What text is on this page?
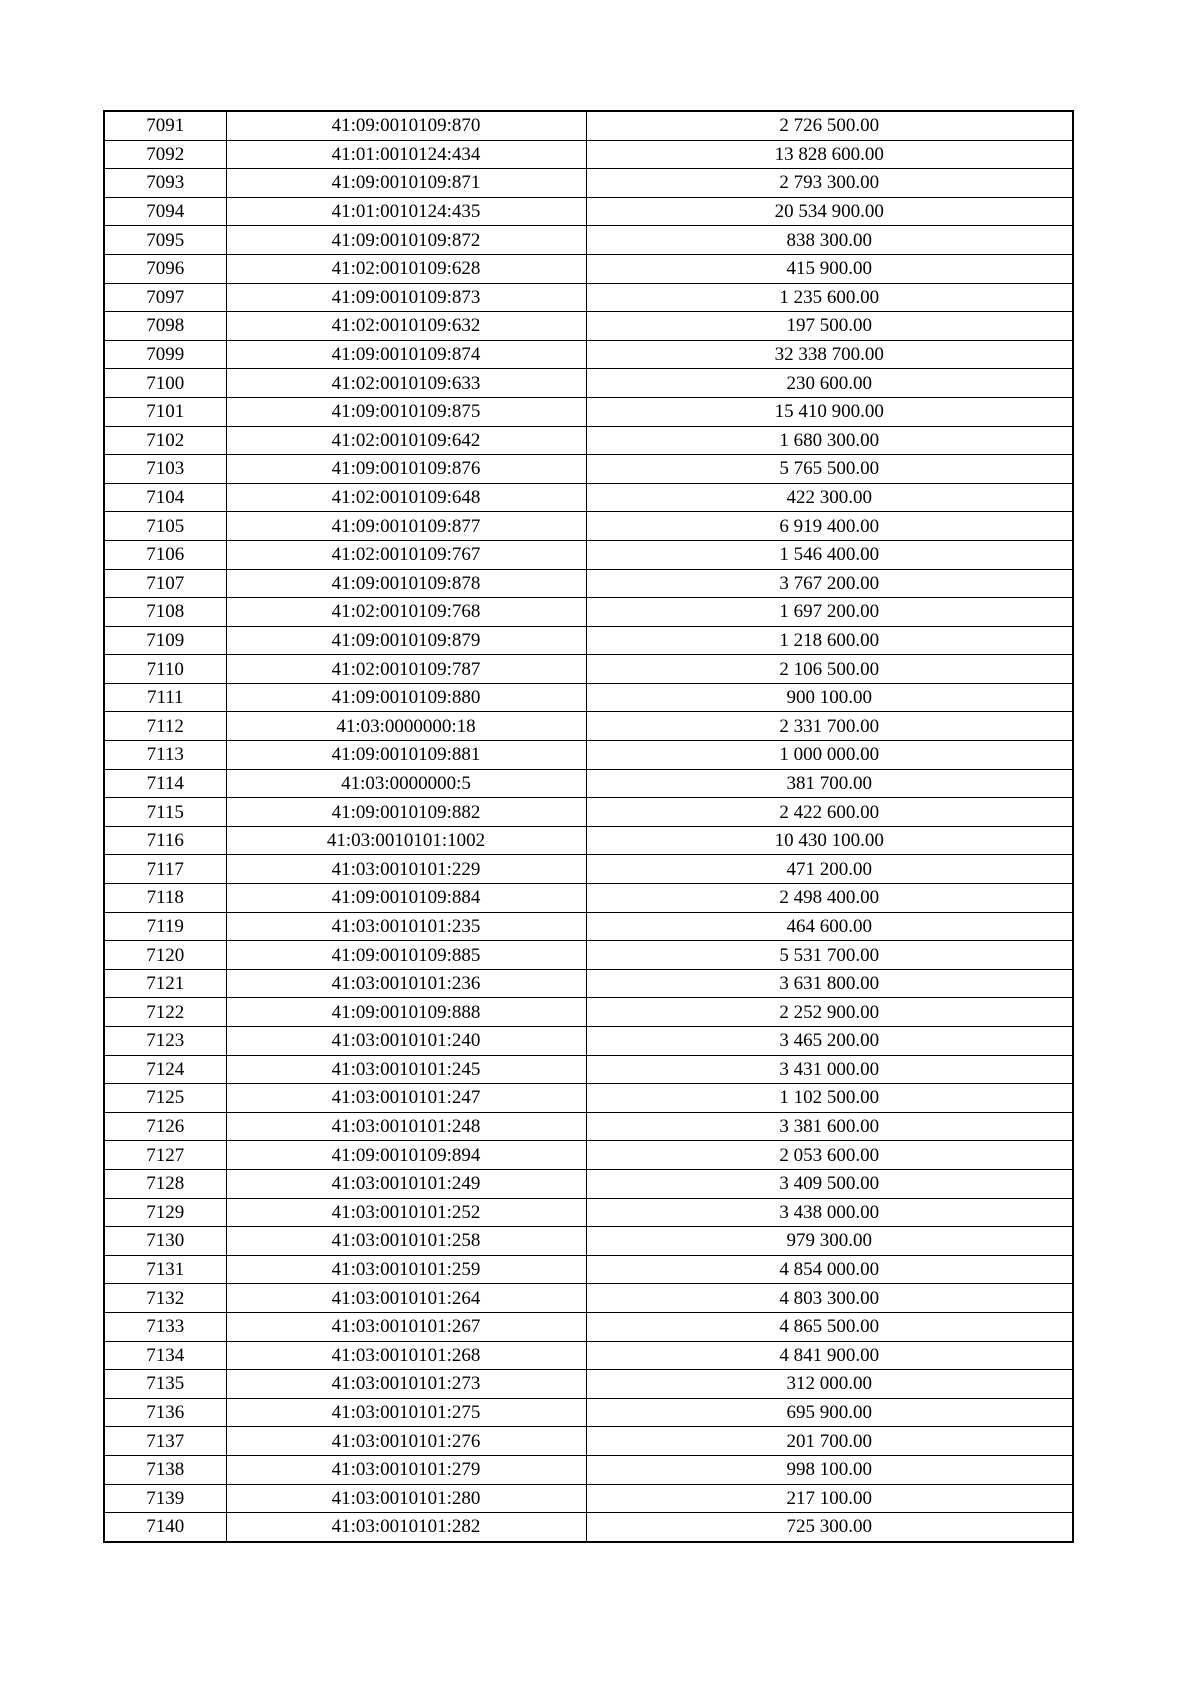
7091	41:09:0010109:870	2 726 500.00
7092	41:01:0010124:434	13 828 600.00
7093	41:09:0010109:871	2 793 300.00
7094	41:01:0010124:435	20 534 900.00
7095	41:09:0010109:872	838 300.00
7096	41:02:0010109:628	415 900.00
7097	41:09:0010109:873	1 235 600.00
7098	41:02:0010109:632	197 500.00
7099	41:09:0010109:874	32 338 700.00
7100	41:02:0010109:633	230 600.00
7101	41:09:0010109:875	15 410 900.00
7102	41:02:0010109:642	1 680 300.00
7103	41:09:0010109:876	5 765 500.00
7104	41:02:0010109:648	422 300.00
7105	41:09:0010109:877	6 919 400.00
7106	41:02:0010109:767	1 546 400.00
7107	41:09:0010109:878	3 767 200.00
7108	41:02:0010109:768	1 697 200.00
7109	41:09:0010109:879	1 218 600.00
7110	41:02:0010109:787	2 106 500.00
7111	41:09:0010109:880	900 100.00
7112	41:03:0000000:18	2 331 700.00
7113	41:09:0010109:881	1 000 000.00
7114	41:03:0000000:5	381 700.00
7115	41:09:0010109:882	2 422 600.00
7116	41:03:0010101:1002	10 430 100.00
7117	41:03:0010101:229	471 200.00
7118	41:09:0010109:884	2 498 400.00
7119	41:03:0010101:235	464 600.00
7120	41:09:0010109:885	5 531 700.00
7121	41:03:0010101:236	3 631 800.00
7122	41:09:0010109:888	2 252 900.00
7123	41:03:0010101:240	3 465 200.00
7124	41:03:0010101:245	3 431 000.00
7125	41:03:0010101:247	1 102 500.00
7126	41:03:0010101:248	3 381 600.00
7127	41:09:0010109:894	2 053 600.00
7128	41:03:0010101:249	3 409 500.00
7129	41:03:0010101:252	3 438 000.00
7130	41:03:0010101:258	979 300.00
7131	41:03:0010101:259	4 854 000.00
7132	41:03:0010101:264	4 803 300.00
7133	41:03:0010101:267	4 865 500.00
7134	41:03:0010101:268	4 841 900.00
7135	41:03:0010101:273	312 000.00
7136	41:03:0010101:275	695 900.00
7137	41:03:0010101:276	201 700.00
7138	41:03:0010101:279	998 100.00
7139	41:03:0010101:280	217 100.00
7140	41:03:0010101:282	725 300.00
